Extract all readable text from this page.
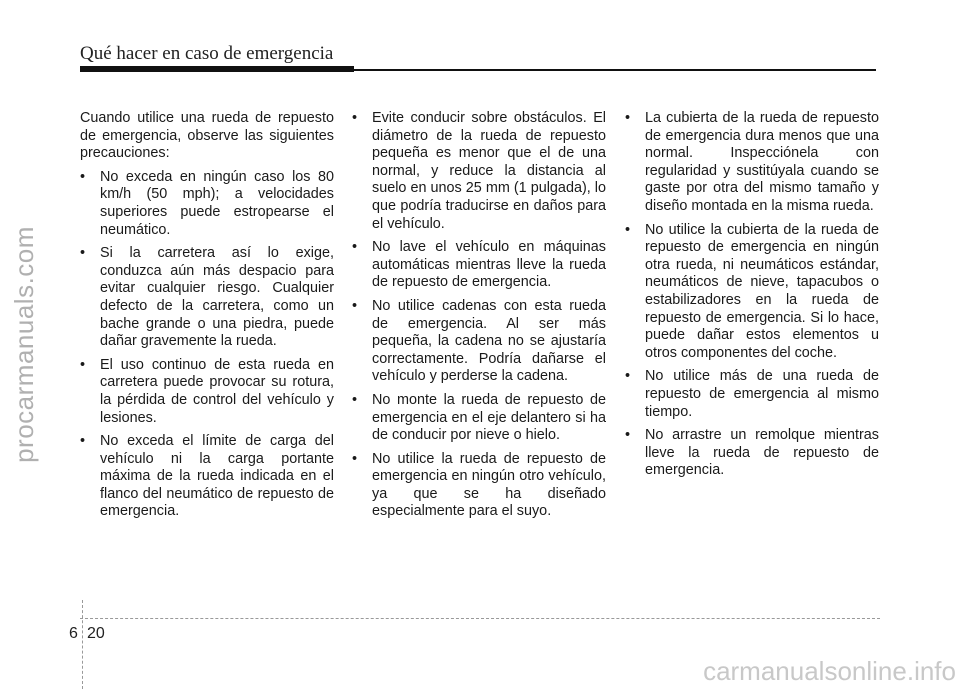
Qué hacer en caso de emergencia
procarmanuals.com

Cuando utilice una rueda de repuesto de emergencia, observe las siguientes precauciones:

• No exceda en ningún caso los 80 km/h (50 mph); a velocidades superiores puede estropearse el neumático.
• Si la carretera así lo exige, conduzca aún más despacio para evitar cualquier riesgo. Cualquier defecto de la carretera, como un bache grande o una piedra, puede dañar gravemente la rueda.
• El uso continuo de esta rueda en carretera puede provocar su rotura, la pérdida de control del vehículo y lesiones.
• No exceda el límite de carga del vehículo ni la carga portante máxima de la rueda indicada en el flanco del neumático de repuesto de emergencia.
• Evite conducir sobre obstáculos. El diámetro de la rueda de repuesto pequeña es menor que el de una normal, y reduce la distancia al suelo en unos 25 mm (1 pulgada), lo que podría traducirse en daños para el vehículo.
• No lave el vehículo en máquinas automáticas mientras lleve la rueda de repuesto de emergencia.
• No utilice cadenas con esta rueda de emergencia. Al ser más pequeña, la cadena no se ajustaría correctamente. Podría dañarse el vehículo y perderse la cadena.
• No monte la rueda de repuesto de emergencia en el eje delantero si ha de conducir por nieve o hielo.
• No utilice la rueda de repuesto de emergencia en ningún otro vehículo, ya que se ha diseñado especialmente para el suyo.
• La cubierta de la rueda de repuesto de emergencia dura menos que una normal. Inspecciónela con regularidad y sustitúyala cuando se gaste por otra del mismo tamaño y diseño montada en la misma rueda.
• No utilice la cubierta de la rueda de repuesto de emergencia en ningún otra rueda, ni neumáticos estándar, neumáticos de nieve, tapacubos o estabilizadores en la rueda de repuesto de emergencia. Si lo hace, puede dañar estos elementos u otros componentes del coche.
• No utilice más de una rueda de repuesto de emergencia al mismo tiempo.
• No arrastre un remolque mientras lleve la rueda de repuesto de emergencia.
6 20
carmanualsonline.info
